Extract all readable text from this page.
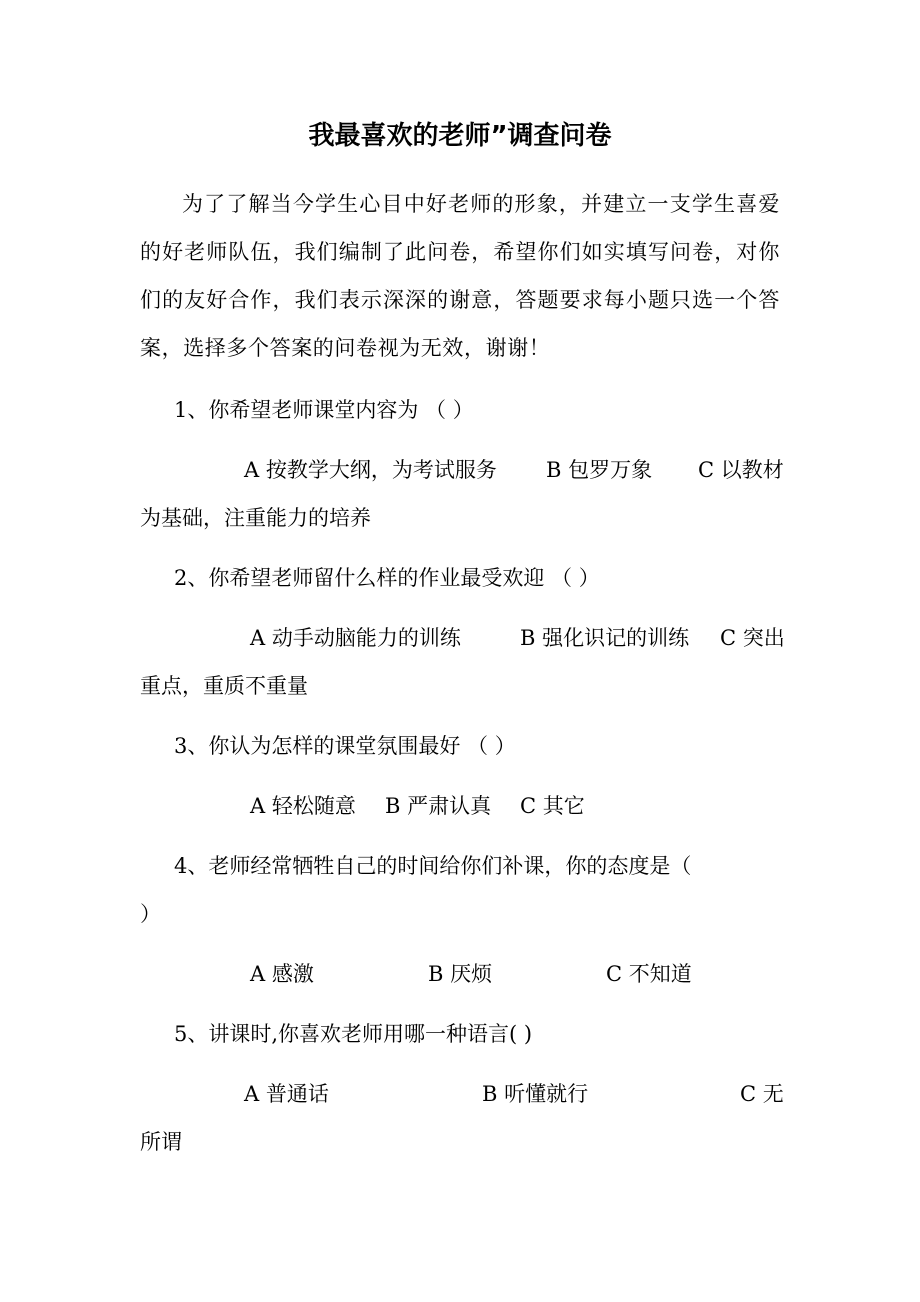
我最喜欢的老师”调查问卷
为了了解当今学生心目中好老师的形象，并建立一支学生喜爱的好老师队伍，我们编制了此问卷，希望你们如实填写问卷，对你们的友好合作，我们表示深深的谢意，答题要求每小题只选一个答案，选择多个答案的问卷视为无效，谢谢！
1、你希望老师课堂内容为 （ ）
A 按教学大纲，为考试服务 B 包罗万象 C 以教材
为基础，注重能力的培养
2、你希望老师留什么样的作业最受欢迎 （ ）
A 动手动脑能力的训练	B 强化识记的训练 C 突出
重点，重质不重量
3、你认为怎样的课堂氛围最好 （ ）
A 轻松随意 B 严肃认真 C 其它
4、老师经常牺牲自己的时间给你们补课，你的态度是（
）
A 感激	B 厌烦	C 不知道
5、讲课时,你喜欢老师用哪一种语言( )
A 普通话	B 听懂就行	C 无
所谓
